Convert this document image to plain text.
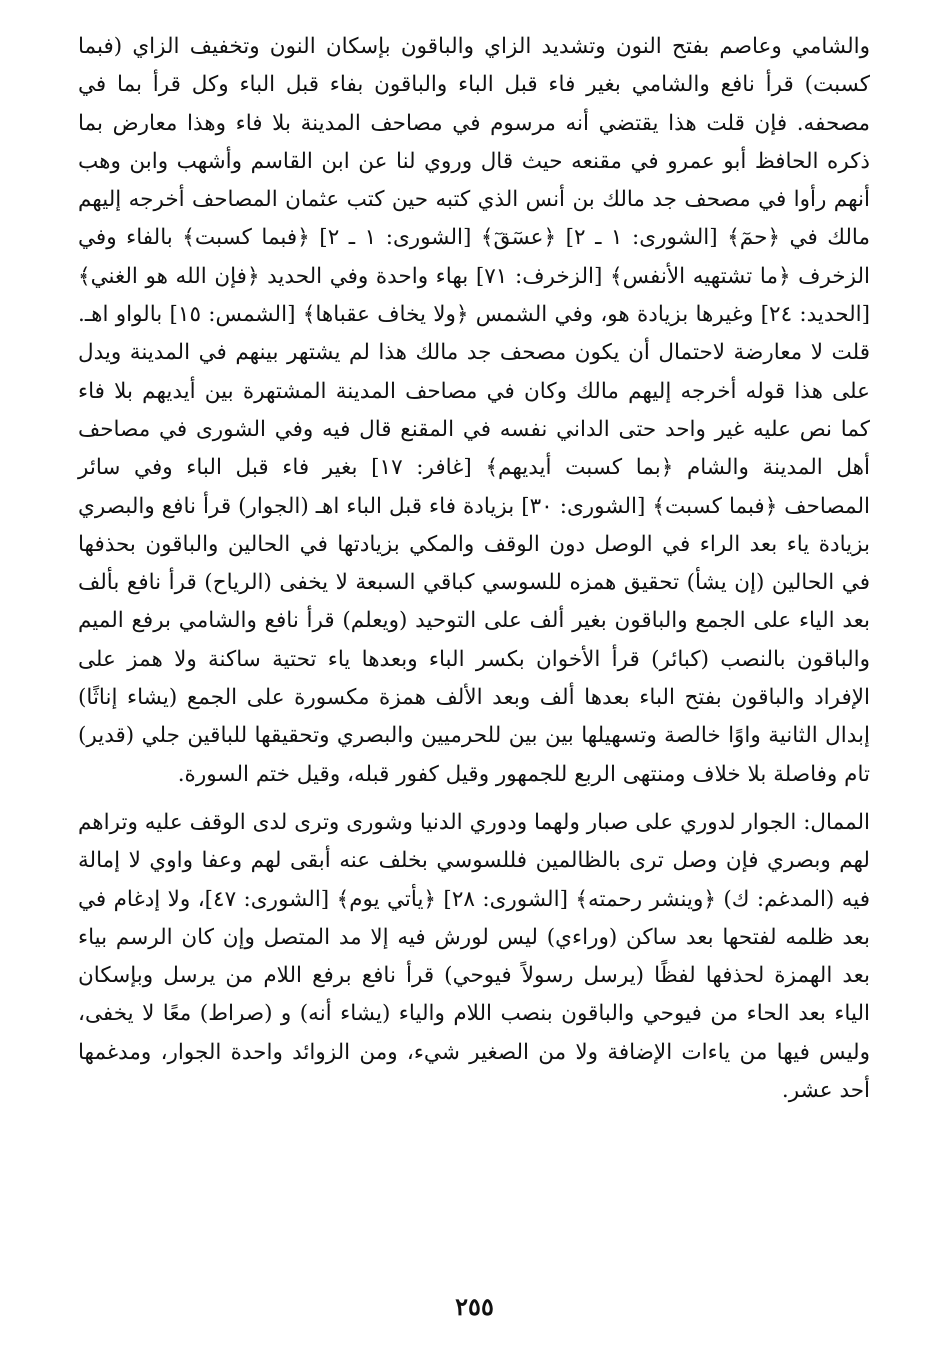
والشامي وعاصم بفتح النون وتشديد الزاي والباقون بإسكان النون وتخفيف الزاي (فبما كسبت) قرأ نافع والشامي بغير فاء قبل الباء والباقون بفاء قبل الباء وكل قرأ بما في مصحفه. فإن قلت هذا يقتضي أنه مرسوم في مصاحف المدينة بلا فاء وهذا معارض بما ذكره الحافظ أبو عمرو في مقنعه حيث قال وروي لنا عن ابن القاسم وأشهب وابن وهب أنهم رأوا في مصحف جد مالك بن أنس الذي كتبه حين كتب عثمان المصاحف أخرجه إليهم مالك في ﴿حمٓ﴾ [الشورى: ١ ـ ٢] ﴿عسٓقٓ﴾ [الشورى: ١ ـ ٢] ﴿فبما كسبت﴾ بالفاء وفي الزخرف ﴿ما تشتهيه الأنفس﴾ [الزخرف: ٧١] بهاء واحدة وفي الحديد ﴿فإن الله هو الغني﴾ [الحديد: ٢٤] وغيرها بزيادة هو، وفي الشمس ﴿ولا يخاف عقباها﴾ [الشمس: ١٥] بالواو اهـ. قلت لا معارضة لاحتمال أن يكون مصحف جد مالك هذا لم يشتهر بينهم في المدينة ويدل على هذا قوله أخرجه إليهم مالك وكان في مصاحف المدينة المشتهرة بين أيديهم بلا فاء كما نص عليه غير واحد حتى الداني نفسه في المقنع قال فيه وفي الشورى في مصاحف أهل المدينة والشام ﴿بما كسبت أيديهم﴾ [غافر: ١٧] بغير فاء قبل الباء وفي سائر المصاحف ﴿فبما كسبت﴾ [الشورى: ٣٠] بزيادة فاء قبل الباء اهـ (الجوار) قرأ نافع والبصري بزيادة ياء بعد الراء في الوصل دون الوقف والمكي بزيادتها في الحالين والباقون بحذفها في الحالين (إن يشأ) تحقيق همزه للسوسي كباقي السبعة لا يخفى (الرياح) قرأ نافع بألف بعد الياء على الجمع والباقون بغير ألف على التوحيد (ويعلم) قرأ نافع والشامي برفع الميم والباقون بالنصب (كبائر) قرأ الأخوان بكسر الباء وبعدها ياء تحتية ساكنة ولا همز على الإفراد والباقون بفتح الباء بعدها ألف وبعد الألف همزة مكسورة على الجمع (يشاء إناثًا) إبدال الثانية واوًا خالصة وتسهيلها بين بين للحرميين والبصري وتحقيقها للباقين جلي (قدير) تام وفاصلة بلا خلاف ومنتهى الربع للجمهور وقيل كفور قبله، وقيل ختم السورة.

الممال: الجوار لدوري على صبار ولهما ودوري الدنيا وشورى وترى لدى الوقف عليه وتراهم لهم وبصري فإن وصل ترى بالظالمين فللسوسي بخلف عنه أبقى لهم وعفا واوي لا إمالة فيه (المدغم: ك) ﴿وينشر رحمته﴾ [الشورى: ٢٨] ﴿يأتي يوم﴾ [الشورى: ٤٧]، ولا إدغام في بعد ظلمه لفتحها بعد ساكن (وراءي) ليس لورش فيه إلا مد المتصل وإن كان الرسم بياء بعد الهمزة لحذفها لفظًا (يرسل رسولاً فيوحي) قرأ نافع برفع اللام من يرسل وبإسكان الياء بعد الحاء من فيوحي والباقون بنصب اللام والياء (يشاء أنه) و (صراط) معًا لا يخفى، وليس فيها من ياءات الإضافة ولا من الصغير شيء، ومن الزوائد واحدة الجوار، ومدغمها أحد عشر.

٢٥٥
